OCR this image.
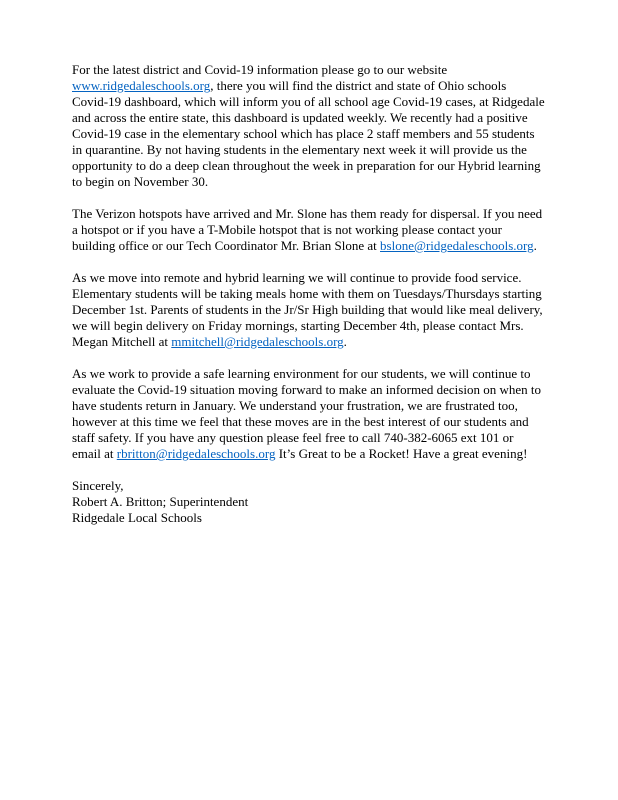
For the latest district and Covid-19 information please go to our website www.ridgedaleschools.org, there you will find the district and state of Ohio schools Covid-19 dashboard, which will inform you of all school age Covid-19 cases, at Ridgedale and across the entire state, this dashboard is updated weekly. We recently had a positive Covid-19 case in the elementary school which has place 2 staff members and 55 students in quarantine. By not having students in the elementary next week it will provide us the opportunity to do a deep clean throughout the week in preparation for our Hybrid learning to begin on November 30.

The Verizon hotspots have arrived and Mr. Slone has them ready for dispersal. If you need a hotspot or if you have a T-Mobile hotspot that is not working please contact your building office or our Tech Coordinator Mr. Brian Slone at bslone@ridgedaleschools.org.

As we move into remote and hybrid learning we will continue to provide food service. Elementary students will be taking meals home with them on Tuesdays/Thursdays starting December 1st. Parents of students in the Jr/Sr High building that would like meal delivery, we will begin delivery on Friday mornings, starting December 4th, please contact Mrs. Megan Mitchell at mmitchell@ridgedaleschools.org.

As we work to provide a safe learning environment for our students, we will continue to evaluate the Covid-19 situation moving forward to make an informed decision on when to have students return in January. We understand your frustration, we are frustrated too, however at this time we feel that these moves are in the best interest of our students and staff safety. If you have any question please feel free to call 740-382-6065 ext 101 or email at rbritton@ridgedaleschools.org It’s Great to be a Rocket! Have a great evening!

Sincerely,
Robert A. Britton; Superintendent
Ridgedale Local Schools
